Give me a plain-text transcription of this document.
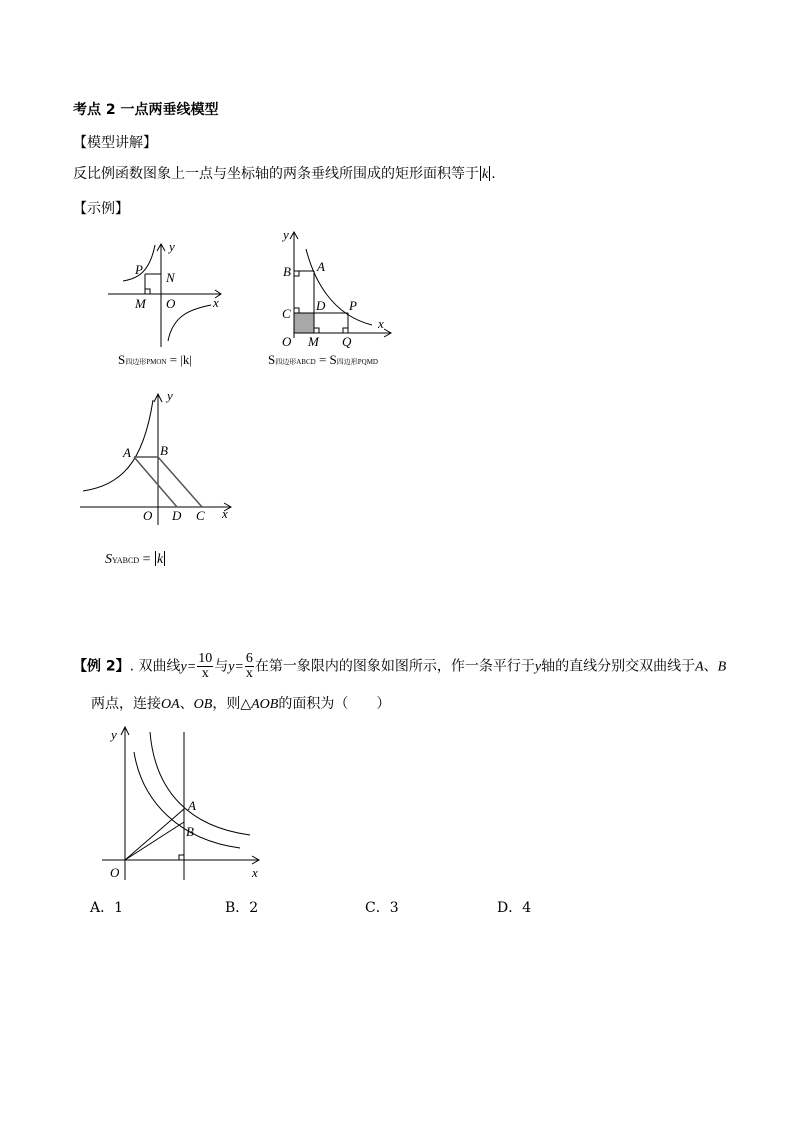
考点 2 一点两垂线模型
【模型讲解】
反比例函数图象上一点与坐标轴的两条垂线所围成的矩形面积等于 k .
【示例】
y
x
P
N
M O
S四边形PMON = |k|
y
x
B A
C
D P
O M Q
S四边形ABCD = S四边形PQMD
y
x
A B
O D C
SYABCD = k
【例 2】. 双曲线$y= \frac{10}{x}$ 与$y= \frac{6}{x}$ 在第一象限内的图象如图所示，作一条平行于y轴的直线分别交双曲线于A、B
两点，连接OA、OB，则△AOB的面积为（　　）
y
x
A
B
O
A．1	B．2	C．3	D．4
